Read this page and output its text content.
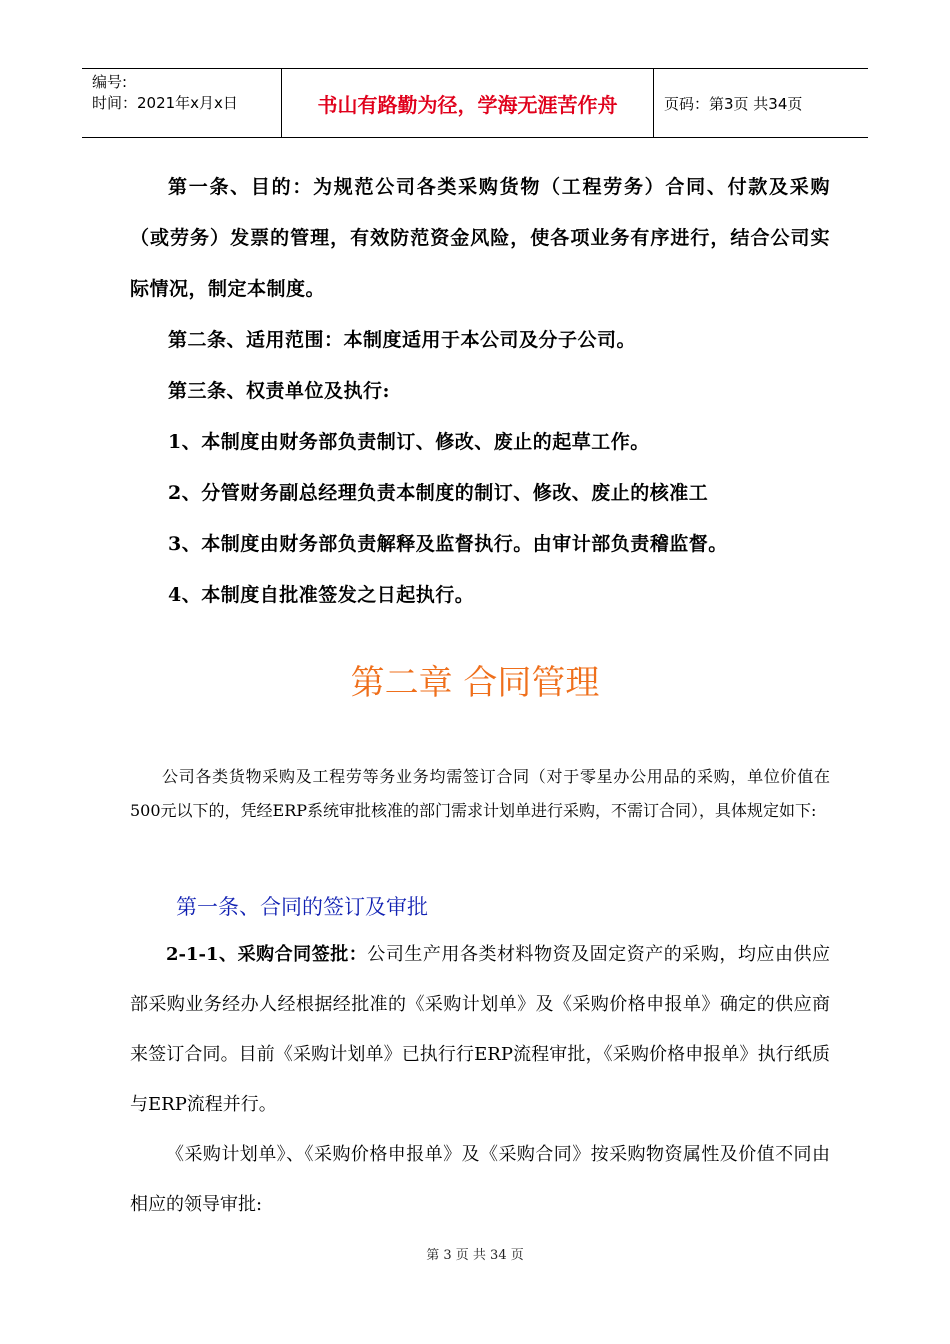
编号:
时间：2021年x月x日	书山有路勤为径，学海无涯苦作舟	页码：第3页 共34页

第一条、目的：为规范公司各类采购货物（工程劳务）合同、付款及采购（或劳务）发票的管理，有效防范资金风险，使各项业务有序进行，结合公司实际情况，制定本制度。

第二条、适用范围：本制度适用于本公司及分子公司。

第三条、权责单位及执行:

1、本制度由财务部负责制订、修改、废止的起草工作。

2、分管财务副总经理负责本制度的制订、修改、废止的核准工

3、本制度由财务部负责解释及监督执行。由审计部负责稽监督。

4、本制度自批准签发之日起执行。

第二章 合同管理

公司各类货物采购及工程劳等务业务均需签订合同（对于零星办公用品的采购，单位价值在500元以下的，凭经ERP系统审批核准的部门需求计划单进行采购，不需订合同），具体规定如下:

第一条、合同的签订及审批

2-1-1、采购合同签批：公司生产用各类材料物资及固定资产的采购，均应由供应部采购业务经办人经根据经批准的《采购计划单》及《采购价格申报单》确定的供应商来签订合同。目前《采购计划单》已执行行ERP流程审批，《采购价格申报单》执行纸质与ERP流程并行。

《采购计划单》、《采购价格申报单》及《采购合同》按采购物资属性及价值不同由相应的领导审批:

第 3 页 共 34 页
